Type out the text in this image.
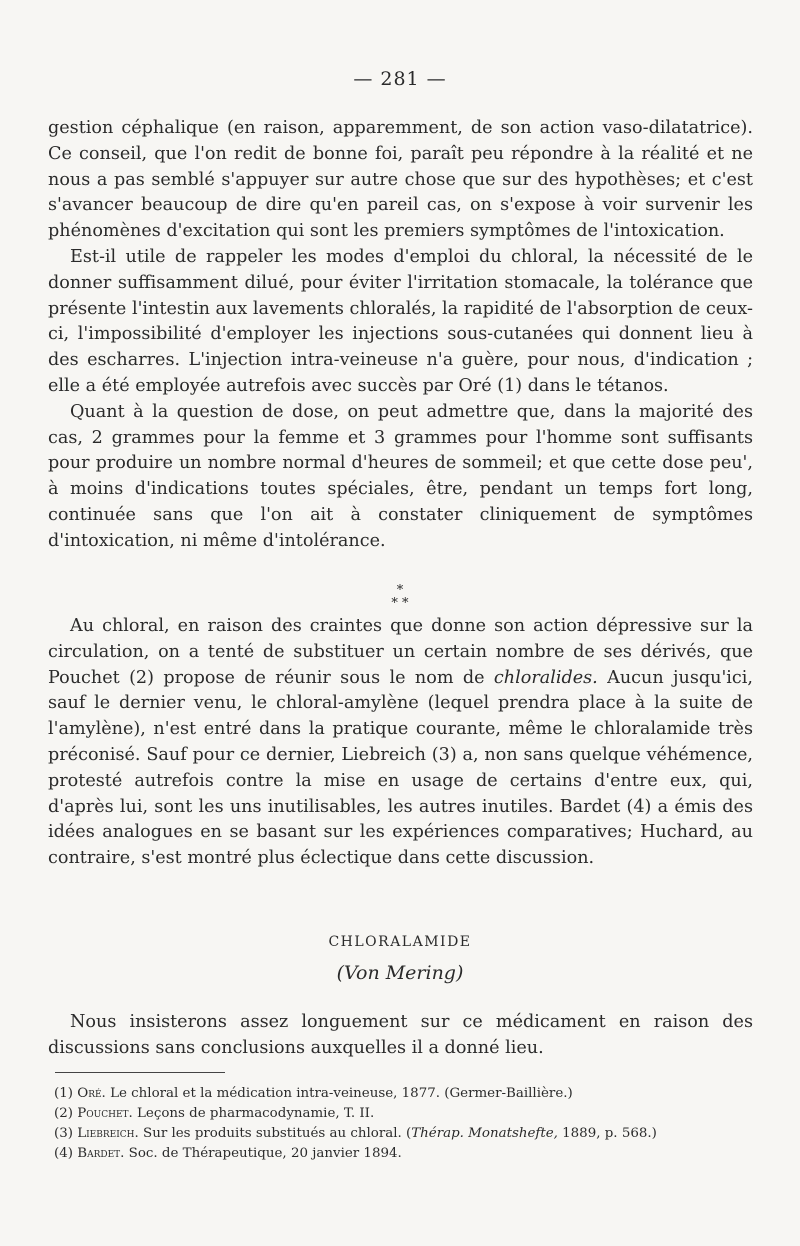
— 281 —

gestion céphalique (en raison, apparemment, de son action vaso-dilatatrice). Ce conseil, que l'on redit de bonne foi, paraît peu répondre à la réalité et ne nous a pas semblé s'appuyer sur autre chose que sur des hypothèses; et c'est s'avancer beaucoup de dire qu'en pareil cas, on s'expose à voir survenir les phénomènes d'excitation qui sont les premiers symptômes de l'intoxication.

Est-il utile de rappeler les modes d'emploi du chloral, la nécessité de le donner suffisamment dilué, pour éviter l'irritation stomacale, la tolérance que présente l'intestin aux lavements chloralés, la rapidité de l'absorption de ceux-ci, l'impossibilité d'employer les injections sous-cutanées qui donnent lieu à des escharres. L'injection intra-veineuse n'a guère, pour nous, d'indication ; elle a été employée autrefois avec succès par Oré (1) dans le tétanos.

Quant à la question de dose, on peut admettre que, dans la majorité des cas, 2 grammes pour la femme et 3 grammes pour l'homme sont suffisants pour produire un nombre normal d'heures de sommeil; et que cette dose peu', à moins d'indications toutes spéciales, être, pendant un temps fort long, continuée sans que l'on ait à constater cliniquement de symptômes d'intoxication, ni même d'intolérance.

*
* *

Au chloral, en raison des craintes que donne son action dépressive sur la circulation, on a tenté de substituer un certain nombre de ses dérivés, que Pouchet (2) propose de réunir sous le nom de chloralides. Aucun jusqu'ici, sauf le dernier venu, le chloral-amylène (lequel prendra place à la suite de l'amylène), n'est entré dans la pratique courante, même le chloralamide très préconisé. Sauf pour ce dernier, Liebreich (3) a, non sans quelque véhémence, protesté autrefois contre la mise en usage de certains d'entre eux, qui, d'après lui, sont les uns inutilisables, les autres inutiles. Bardet (4) a émis des idées analogues en se basant sur les expériences comparatives; Huchard, au contraire, s'est montré plus éclectique dans cette discussion.

CHLORALAMIDE
(Von Mering)

Nous insisterons assez longuement sur ce médicament en raison des discussions sans conclusions auxquelles il a donné lieu.

(1) Oré. Le chloral et la médication intra-veineuse, 1877. (Germer-Baillière.)

(2) Pouchet. Leçons de pharmacodynamie, T. II.

(3) Liebreich. Sur les produits substitués au chloral. (Thérap. Monatshefte, 1889, p. 568.)

(4) Bardet. Soc. de Thérapeutique, 20 janvier 1894.
